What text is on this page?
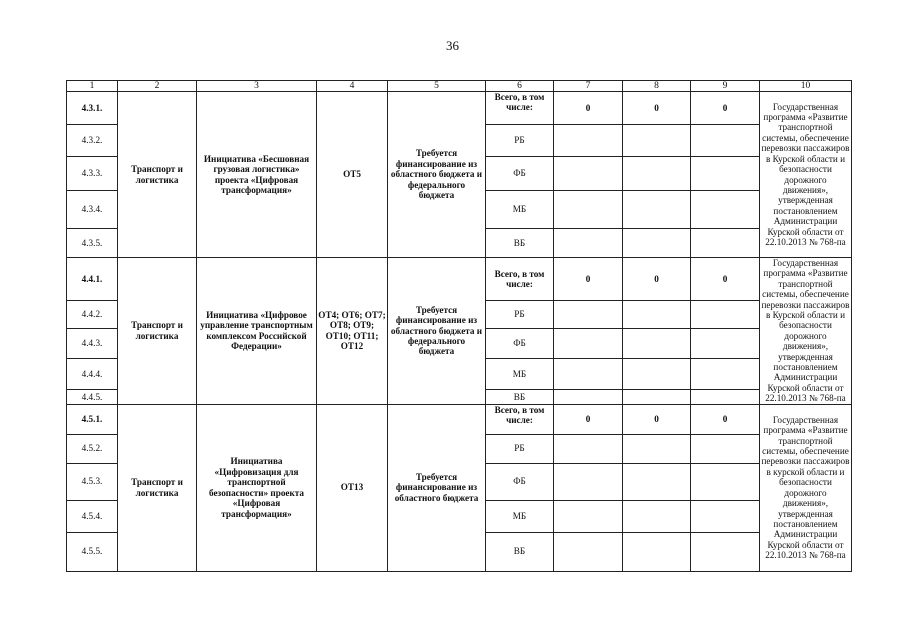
36
1	2	3	4	5	6	7	8	9	10
4.3.1.	Транспорт и логистика	Инициатива «Бесшовная грузовая логистика» проекта «Цифровая трансформация»	ОТ5	Требуется финансирование из областного бюджета и федерального бюджета	Всего, в том числе:	0	0	0	Государственная программа «Развитие транспортной системы, обеспечение перевозки пассажиров в Курской области и безопасности дорожного движения», утвержденная постановлением Администрации Курской области от 22.10.2013 № 768-па
4.3.2.					РБ				
4.3.3.					ФБ				
4.3.4.					МБ				
4.3.5.					ВБ				
4.4.1.	Транспорт и логистика	Инициатива «Цифровое управление транспортным комплексом Российской Федерации»	ОТ4; ОТ6; ОТ7; ОТ8; ОТ9; ОТ10; ОТ11; ОТ12	Требуется финансирование из областного бюджета и федерального бюджета	Всего, в том числе:	0	0	0	Государственная программа «Развитие транспортной системы, обеспечение перевозки пассажиров в Курской области и безопасности дорожного движения», утвержденная постановлением Администрации Курской области от 22.10.2013 № 768-па
4.4.2.					РБ				
4.4.3.					ФБ				
4.4.4.					МБ				
4.4.5.					ВБ				
4.5.1.	Транспорт и логистика	Инициатива «Цифровизация для транспортной безопасности» проекта «Цифровая трансформация»	ОТ13	Требуется финансирование из областного бюджета	Всего, в том числе:	0	0	0	Государственная программа «Развитие транспортной системы, обеспечение перевозки пассажиров в курской области и безопасности дорожного движения», утвержденная постановлением Администрации Курской области от 22.10.2013 № 768-па
4.5.2.					РБ				
4.5.3.					ФБ				
4.5.4.					МБ				
4.5.5.					ВБ				
